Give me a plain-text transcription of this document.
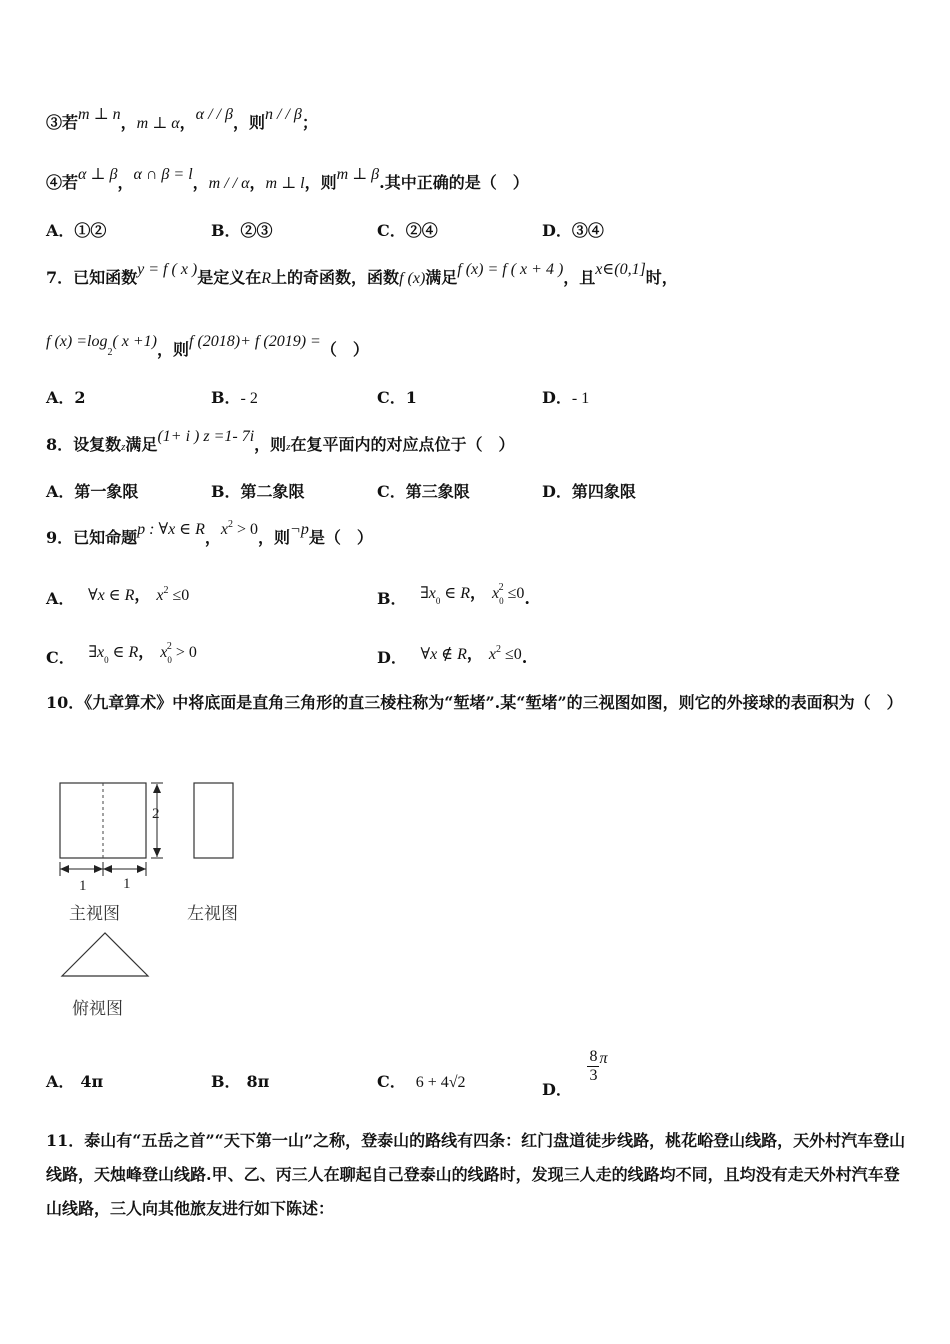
③若m ⊥ n，m ⊥ α，α / / β，则n / / β；
④若α ⊥ β，α ∩ β = l，m / / α，m ⊥ l，则m ⊥ β.其中正确的是（　）
A．①②	B．②③	C．②④	D．③④
7．已知函数y = f ( x )是定义在R上的奇函数，函数f (x)满足f (x) = f ( x + 4 )，且x∈(0,1]时，
f (x) =log2( x +1)，则f (2018)+ f (2019) =（　）
A．2	B．- 2	C．1	D．- 1
8．设复数z满足(1+ i ) z =1- 7i，则z在复平面内的对应点位于（　）
A．第一象限	B．第二象限	C．第三象限	D．第四象限
9．已知命题p : ∀x ∈ R，$x^2 > 0$，则¬p是（　）
A． ∀x ∈ R， $x^2 \le 0$	B． ∃x0 ∈ R， $x0^2 \le 0$.
C． ∃x0 ∈ R， $x0^2 > 0$	D． ∀x ∉ R， $x^2 \le 0$.
10．《九章算术》中将底面是直角三角形的直三棱柱称为“堑堵”.某“堑堵”的三视图如图，则它的外接球的表面积为（　）
2
1 1
主视图	左视图
俯视图
A． 4π	B． 8π	C． 6 + 4√2	D．
$\frac{8}{3}$ π
11．泰山有“五岳之首”“天下第一山”之称，登泰山的路线有四条：红门盘道徒步线路，桃花峪登山线路，天外村汽车登山线路，天烛峰登山线路.甲、乙、丙三人在聊起自己登泰山的线路时，发现三人走的线路均不同，且均没有走天外村汽车登山线路，三人向其他旅友进行如下陈述：
